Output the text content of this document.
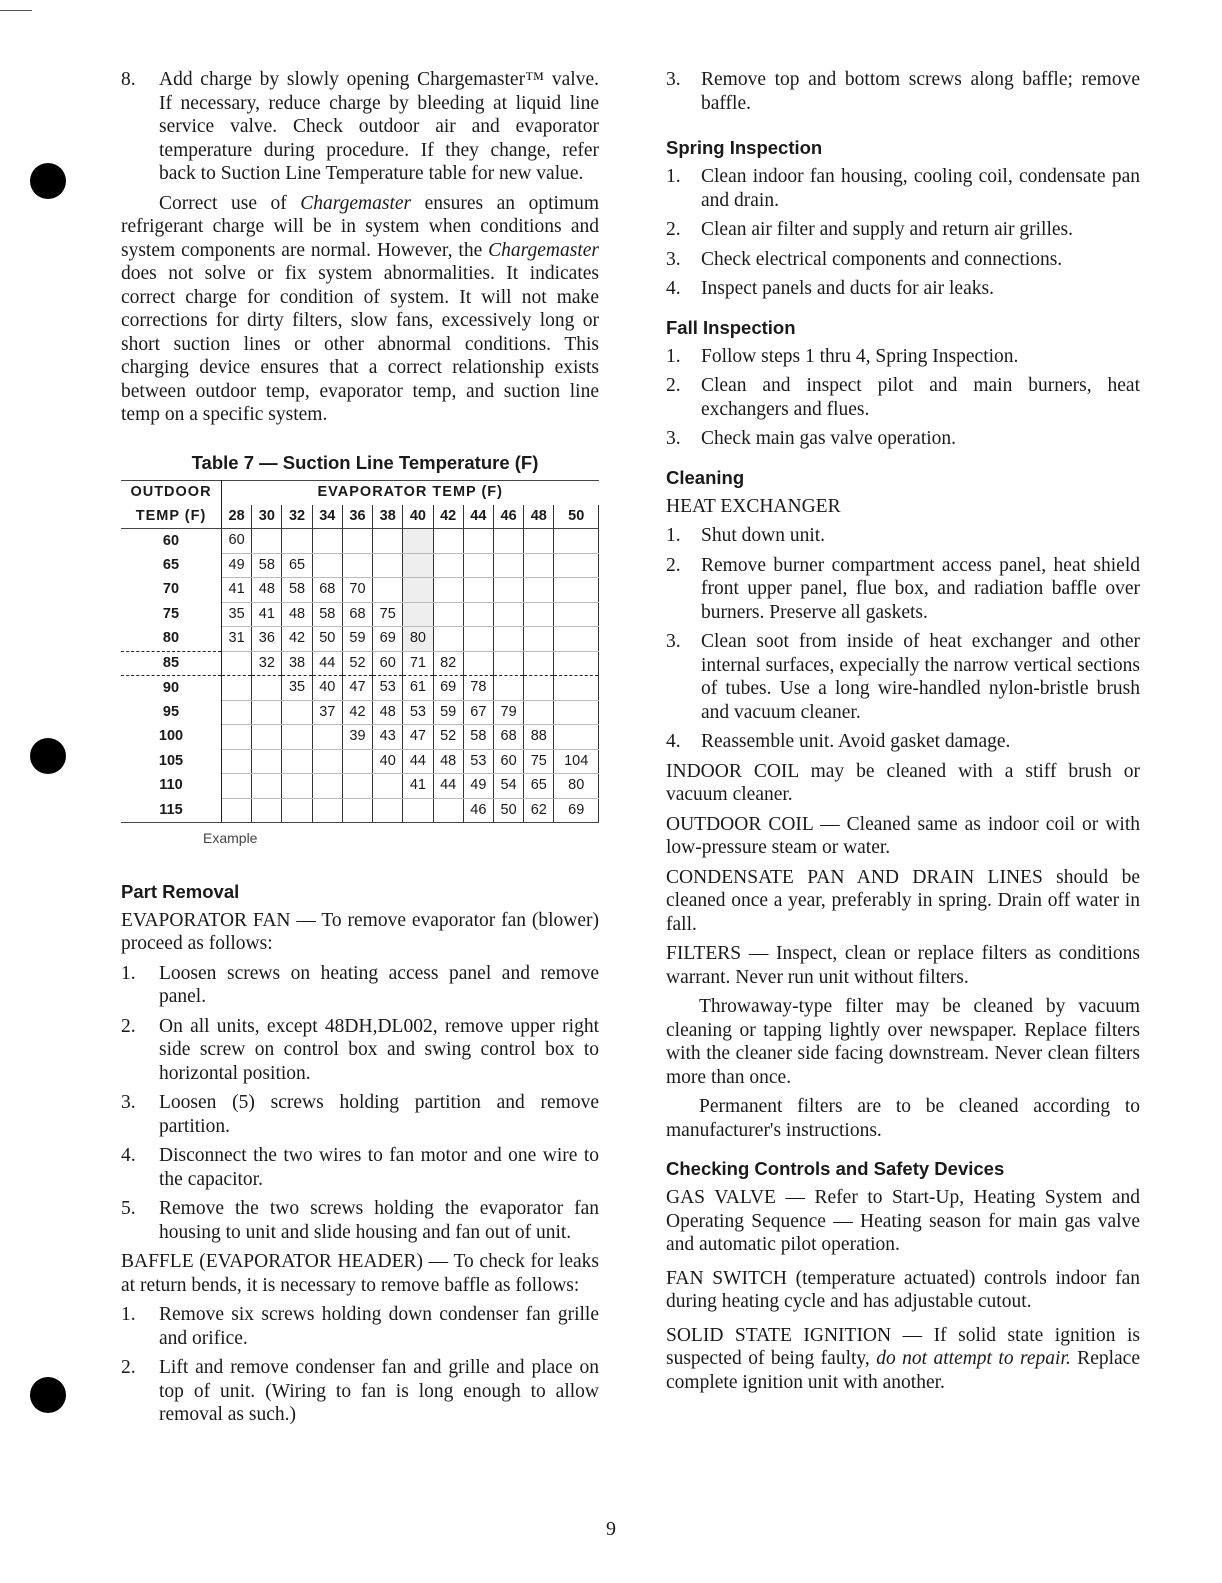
8.	Add charge by slowly opening Chargemaster™ valve. If necessary, reduce charge by bleeding at liquid line service valve. Check outdoor air and evaporator temperature during procedure. If they change, refer back to Suction Line Temperature table for new value.

Correct use of Chargemaster ensures an optimum refrigerant charge will be in system when conditions and system components are normal. However, the Chargemaster does not solve or fix system abnormalities. It indicates correct charge for condition of system. It will not make corrections for dirty filters, slow fans, excessively long or short suction lines or other abnormal conditions. This charging device ensures that a correct relationship exists between outdoor temp, evaporator temp, and suction line temp on a specific system.

Table 7 — Suction Line Temperature (F)
OUTDOOR	EVAPORATOR TEMP (F)											
TEMP (F)	28	30	32	34	36	38	40	42	44	46	48	50
60	60											
65	49	58	65									
70	41	48	58	68	70							
75	35	41	48	58	68	75						
80	31	36	42	50	59	69	80					
85		32	38	44	52	60	71	82				
90			35	40	47	53	61	69	78			
95				37	42	48	53	59	67	79		
100					39	43	47	52	58	68	88	
105						40	44	48	53	60	75	104
110							41	44	49	54	65	80
115									46	50	62	69
Example
Part Removal

EVAPORATOR FAN — To remove evaporator fan (blower) proceed as follows:

1.	Loosen screws on heating access panel and remove panel.
2.	On all units, except 48DH,DL002, remove upper right side screw on control box and swing control box to horizontal position.
3.	Loosen (5) screws holding partition and remove partition.
4.	Disconnect the two wires to fan motor and one wire to the capacitor.
5.	Remove the two screws holding the evaporator fan housing to unit and slide housing and fan out of unit.

BAFFLE (EVAPORATOR HEADER) — To check for leaks at return bends, it is necessary to remove baffle as follows:

1.	Remove six screws holding down condenser fan grille and orifice.
2.	Lift and remove condenser fan and grille and place on top of unit. (Wiring to fan is long enough to allow removal as such.)
3.	Remove top and bottom screws along baffle; remove baffle.
Spring Inspection
1.	Clean indoor fan housing, cooling coil, condensate pan and drain.
2.	Clean air filter and supply and return air grilles.
3.	Check electrical components and connections.
4.	Inspect panels and ducts for air leaks.
Fall Inspection
1.	Follow steps 1 thru 4, Spring Inspection.
2.	Clean and inspect pilot and main burners, heat exchangers and flues.
3.	Check main gas valve operation.
Cleaning

HEAT EXCHANGER

1.	Shut down unit.
2.	Remove burner compartment access panel, heat shield front upper panel, flue box, and radiation baffle over burners. Preserve all gaskets.
3.	Clean soot from inside of heat exchanger and other internal surfaces, expecially the narrow vertical sections of tubes. Use a long wire-handled nylon-bristle brush and vacuum cleaner.
4.	Reassemble unit. Avoid gasket damage.

INDOOR COIL may be cleaned with a stiff brush or vacuum cleaner.

OUTDOOR COIL — Cleaned same as indoor coil or with low-pressure steam or water.

CONDENSATE PAN AND DRAIN LINES should be cleaned once a year, preferably in spring. Drain off water in fall.

FILTERS — Inspect, clean or replace filters as conditions warrant. Never run unit without filters.

Throwaway-type filter may be cleaned by vacuum cleaning or tapping lightly over newspaper. Replace filters with the cleaner side facing downstream. Never clean filters more than once.

Permanent filters are to be cleaned according to manufacturer's instructions.

Checking Controls and Safety Devices

GAS VALVE — Refer to Start-Up, Heating System and Operating Sequence — Heating season for main gas valve and automatic pilot operation.

FAN SWITCH (temperature actuated) controls indoor fan during heating cycle and has adjustable cutout.

SOLID STATE IGNITION — If solid state ignition is suspected of being faulty, do not attempt to repair. Replace complete ignition unit with another.

9
